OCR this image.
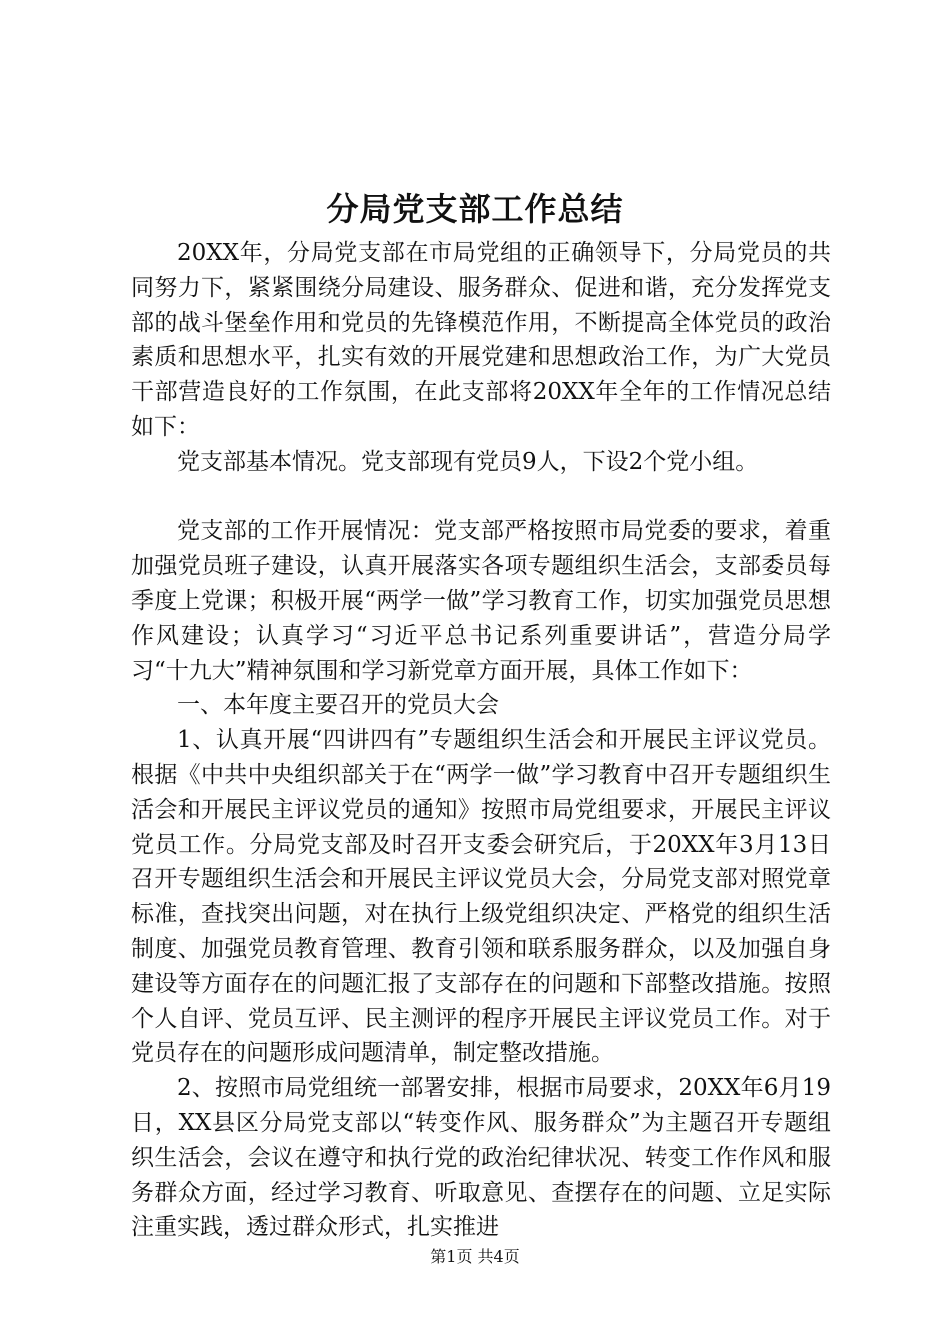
分局党支部工作总结

20XX年，分局党支部在市局党组的正确领导下，分局党员的共同努力下，紧紧围绕分局建设、服务群众、促进和谐，充分发挥党支部的战斗堡垒作用和党员的先锋模范作用，不断提高全体党员的政治素质和思想水平，扎实有效的开展党建和思想政治工作，为广大党员干部营造良好的工作氛围，在此支部将20XX年全年的工作情况总结如下：

党支部基本情况。党支部现有党员9人，下设2个党小组。

党支部的工作开展情况：党支部严格按照市局党委的要求，着重加强党员班子建设，认真开展落实各项专题组织生活会，支部委员每季度上党课；积极开展“两学一做”学习教育工作，切实加强党员思想作风建设；认真学习“习近平总书记系列重要讲话”，营造分局学习“十九大”精神氛围和学习新党章方面开展，具体工作如下：

一、本年度主要召开的党员大会

1、认真开展“四讲四有”专题组织生活会和开展民主评议党员。根据《中共中央组织部关于在“两学一做”学习教育中召开专题组织生活会和开展民主评议党员的通知》按照市局党组要求，开展民主评议党员工作。分局党支部及时召开支委会研究后，于20XX年3月13日召开专题组织生活会和开展民主评议党员大会，分局党支部对照党章标准，查找突出问题，对在执行上级党组织决定、严格党的组织生活制度、加强党员教育管理、教育引领和联系服务群众，以及加强自身建设等方面存在的问题汇报了支部存在的问题和下部整改措施。按照个人自评、党员互评、民主测评的程序开展民主评议党员工作。对于党员存在的问题形成问题清单，制定整改措施。

2、按照市局党组统一部署安排，根据市局要求，20XX年6月19日，XX县区分局党支部以“转变作风、服务群众”为主题召开专题组织生活会，会议在遵守和执行党的政治纪律状况、转变工作作风和服务群众方面，经过学习教育、听取意见、查摆存在的问题、立足实际注重实践，透过群众形式，扎实推进

第1页 共4页
